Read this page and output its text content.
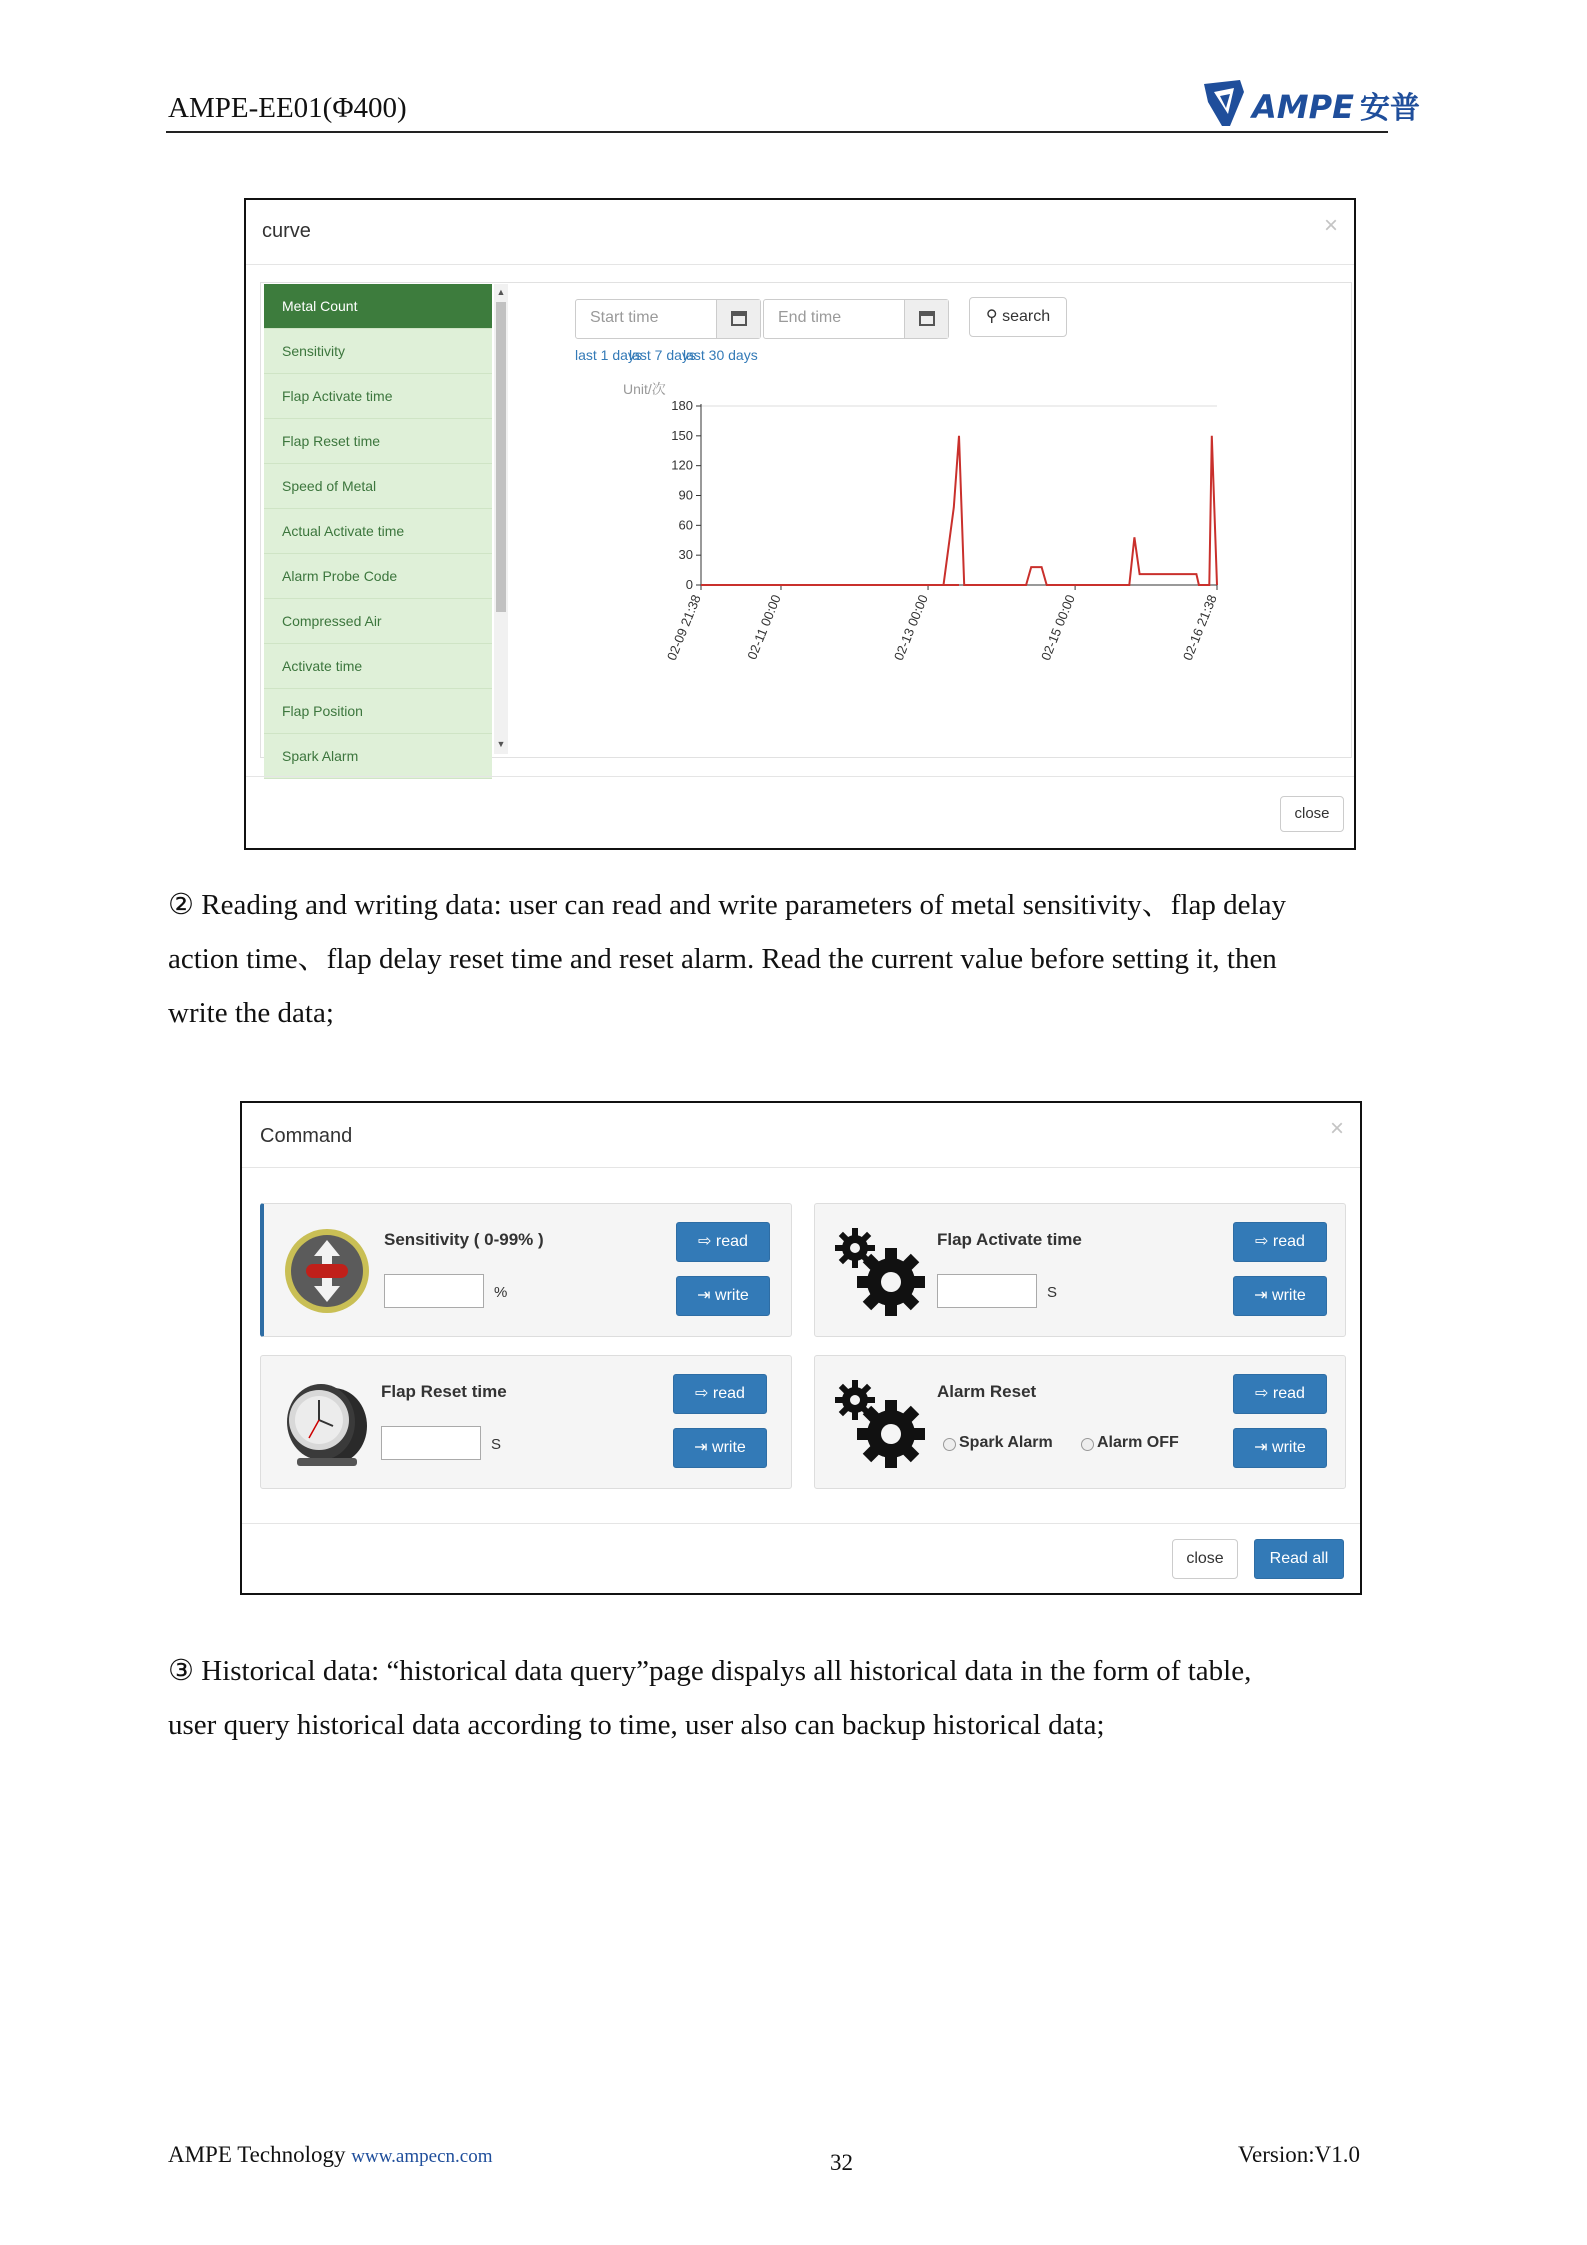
AMPE-EE01(Φ400)	AMPE 安普
curve	×
Metal Count
Sensitivity
Flap Activate time
Flap Reset time
Speed of Metal
Actual Activate time
Alarm Probe Code
Compressed Air
Activate time
Flap Position
Spark Alarm
▲
▼
Start time	End time	⚲ search
last 1 days
last 7 days
last 30 days
Unit/次
180
150
120
90
60
30
0
02-09 21:38	02-11 00:00	02-13 00:00	02-15 00:00	02-16 21:38
close
② Reading and writing data: user can read and write parameters of metal sensitivity、flap delay
action time、flap delay reset time and reset alarm. Read the current value before setting it, then
write the data;
Command	×
Sensitivity ( 0-99% )
%
⇨ read
⇥ write
Flap Activate time
S
⇨ read
⇥ write
Flap Reset time
S
⇨ read
⇥ write
Alarm Reset
Spark Alarm	Alarm OFF
⇨ read
⇥ write
close	Read all
③ Historical data: “historical data query”page dispalys all historical data in the form of table,
user query historical data according to time, user also can backup historical data;
AMPE Technology www.ampecn.com	32	Version:V1.0
